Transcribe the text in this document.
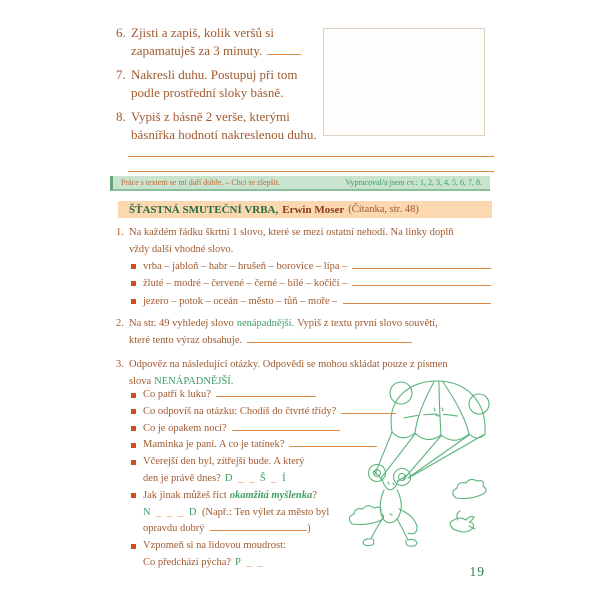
6. Zjisti a zapiš, kolik veršů si
zapamatuješ za 3 minuty.
7. Nakresli duhu. Postupuj při tom
podle prostřední sloky básně.
8. Vypiš z básně 2 verše, kterými
básnířka hodnotí nakreslenou duhu.
Práce s textem se mi daří dobře. – Chci se zlepšit.	Vypracoval/a jsem cv.: 1, 2, 3, 4, 5, 6, 7, 8.
ŠŤASTNÁ SMUTEČNÍ VRBA, Erwin Moser (Čítanka, str. 48)
1. Na každém řádku škrtni 1 slovo, které se mezi ostatní nehodí. Na linky doplň
vždy další vhodné slovo.
vrba – jabloň – habr – hrušeň – borovice – lípa –
žluté – modré – červené – černé – bílé – kočičí –
jezero – potok – oceán – město – tůň – moře –
2. Na str. 49 vyhledej slovo nenápadnější. Vypiš z textu první slovo souvětí,
které tento výraz obsahuje.
3. Odpověz na následující otázky. Odpovědi se mohou skládat pouze z písmen
slova NENÁPADNĚJŠÍ.
Co patří k luku?
Co odpovíš na otázku: Chodíš do čtvrté třídy?
Co je opakem noci?
Maminka je paní. A co je tatínek?
Včerejší den byl, zítřejší bude. A který
den je právě dnes? D _ _ Š _ Í
Jak jinak můžeš říct okamžitá myšlenka?
N _ _ _ D (Např.: Ten výlet za město byl
opravdu dobrý	.)
Vzpomeň si na lidovou moudrost:
Co předchází pýcha? P _ _
19
